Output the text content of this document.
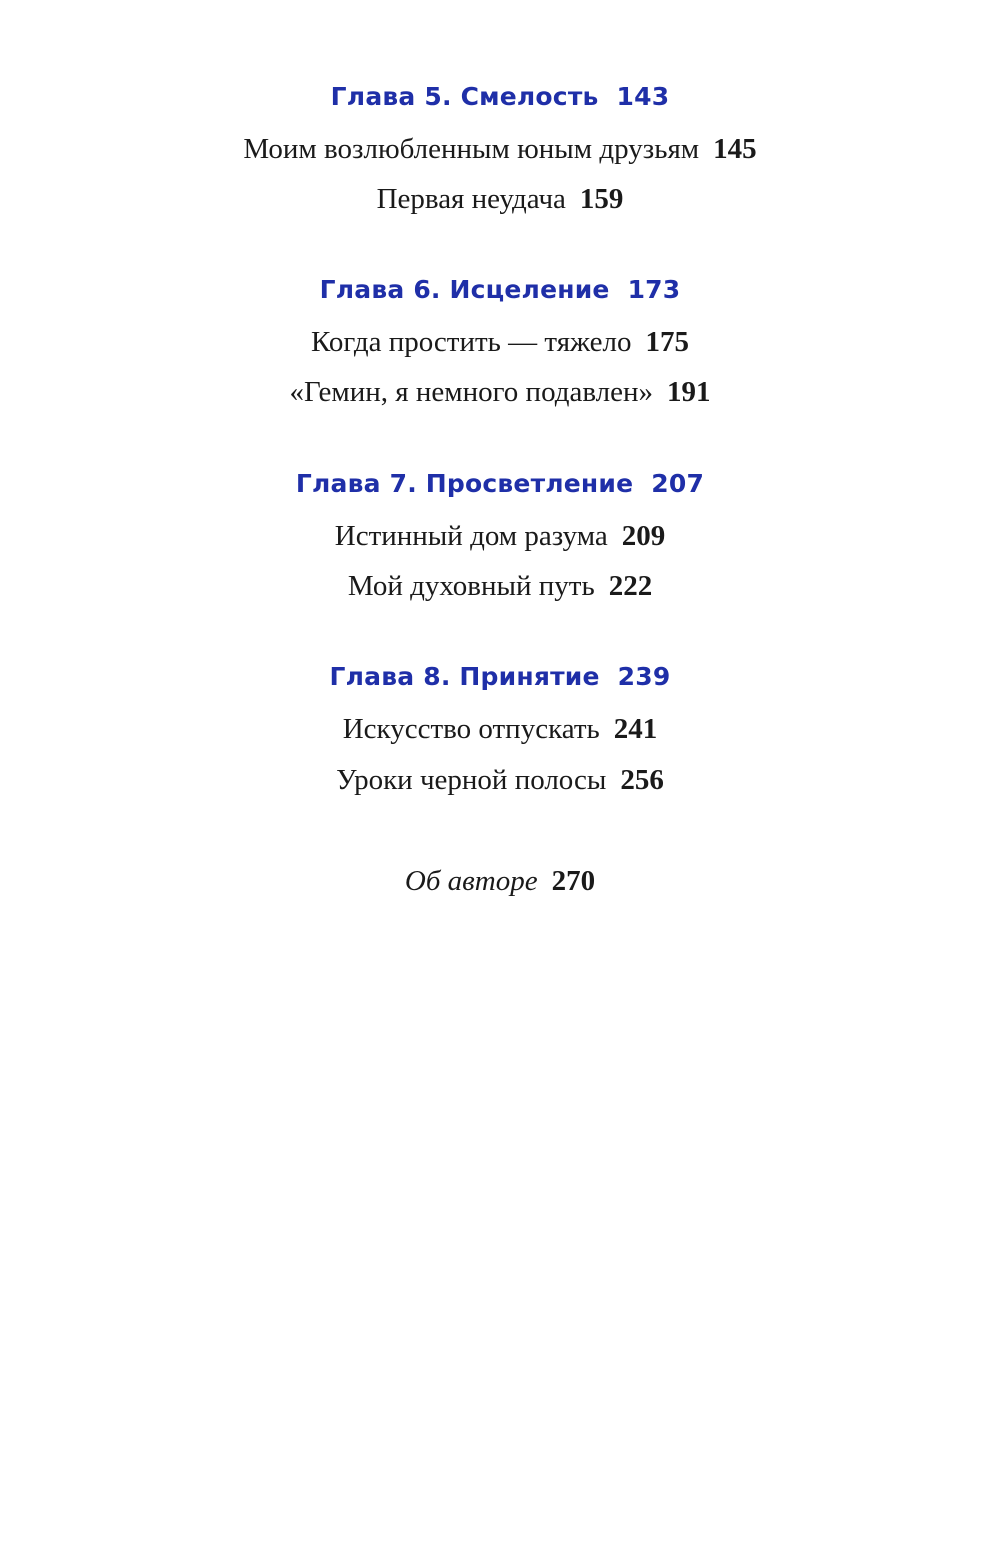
Глава 5. Смелость 143
Моим возлюбленным юным друзьям 145
Первая неудача 159
Глава 6. Исцеление 173
Когда простить — тяжело 175
«Гемин, я немного подавлен» 191
Глава 7. Просветление 207
Истинный дом разума 209
Мой духовный путь 222
Глава 8. Принятие 239
Искусство отпускать 241
Уроки черной полосы 256
Об авторе 270
